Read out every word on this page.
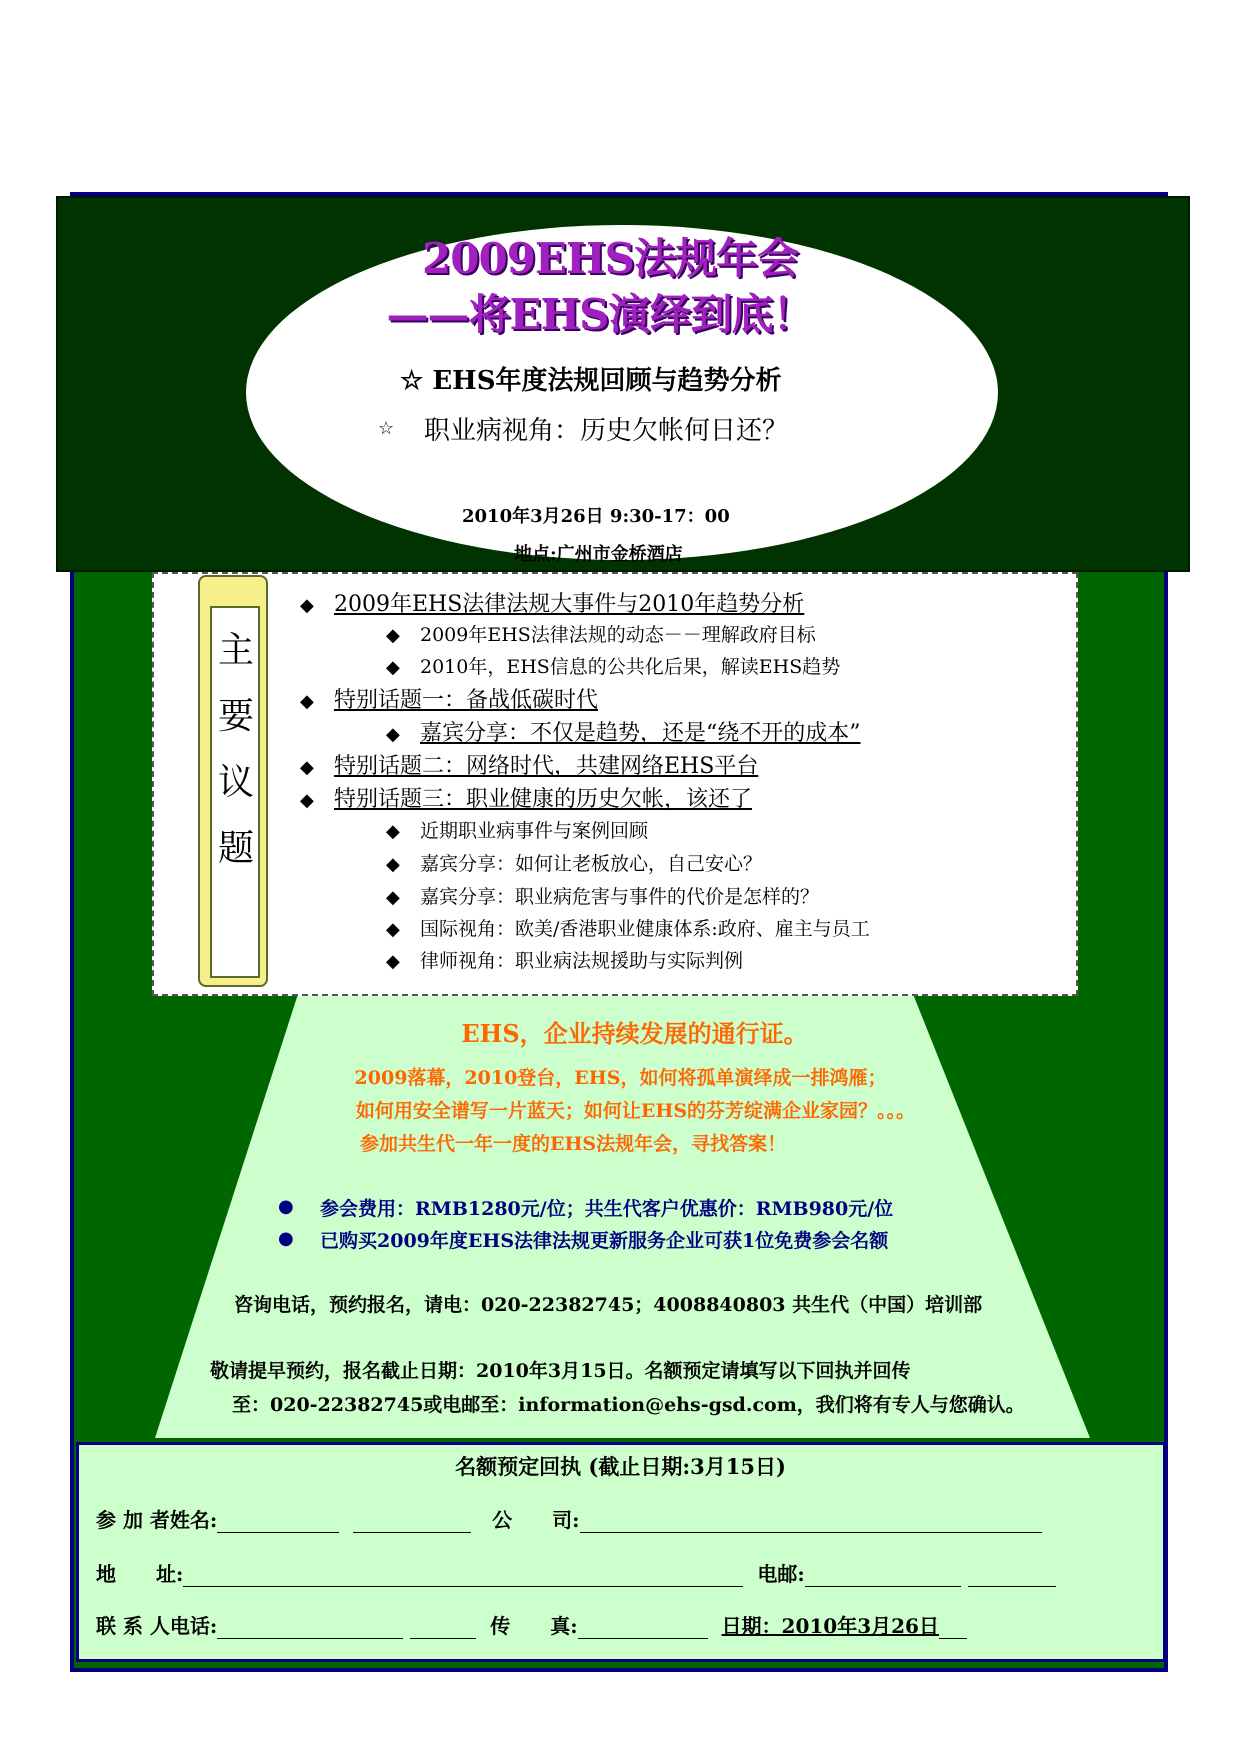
2009EHS法规年会
——将EHS演绎到底！
☆ EHS年度法规回顾与趋势分析
☆ 职业病视角：历史欠帐何日还？
2010年3月26日 9:30-17：00
地点:广州市金桥酒店
主
要
议
题
◆ 2009年EHS法律法规大事件与2010年趋势分析
◆ 2009年EHS法律法规的动态－－理解政府目标
◆ 2010年，EHS信息的公共化后果，解读EHS趋势
◆ 特别话题一：备战低碳时代
◆ 嘉宾分享：不仅是趋势，还是“绕不开的成本”
◆ 特别话题二：网络时代，共建网络EHS平台
◆ 特别话题三：职业健康的历史欠帐，该还了
◆ 近期职业病事件与案例回顾
◆ 嘉宾分享：如何让老板放心，自己安心？
◆ 嘉宾分享：职业病危害与事件的代价是怎样的？
◆ 国际视角：欧美/香港职业健康体系:政府、雇主与员工
◆ 律师视角：职业病法规援助与实际判例
EHS，企业持续发展的通行证。
2009落幕，2010登台，EHS，如何将孤单演绎成一排鸿雁；
如何用安全谱写一片蓝天；如何让EHS的芬芳绽满企业家园？。。。
参加共生代一年一度的EHS法规年会，寻找答案！
● 参会费用：RMB1280元/位；共生代客户优惠价：RMB980元/位
● 已购买2009年度EHS法律法规更新服务企业可获1位免费参会名额
咨询电话，预约报名，请电：020-22382745；4008840803 共生代（中国）培训部
敬请提早预约，报名截止日期：2010年3月15日。名额预定请填写以下回执并回传
至：020-22382745或电邮至：information@ehs-gsd.com，我们将有专人与您确认。
名额预定回执 (截止日期:3月15日)
参 加 者姓名:	公　　司:
地　　址:	电邮:
联 系 人电话:	传　　真:	日期：2010年3月26日
